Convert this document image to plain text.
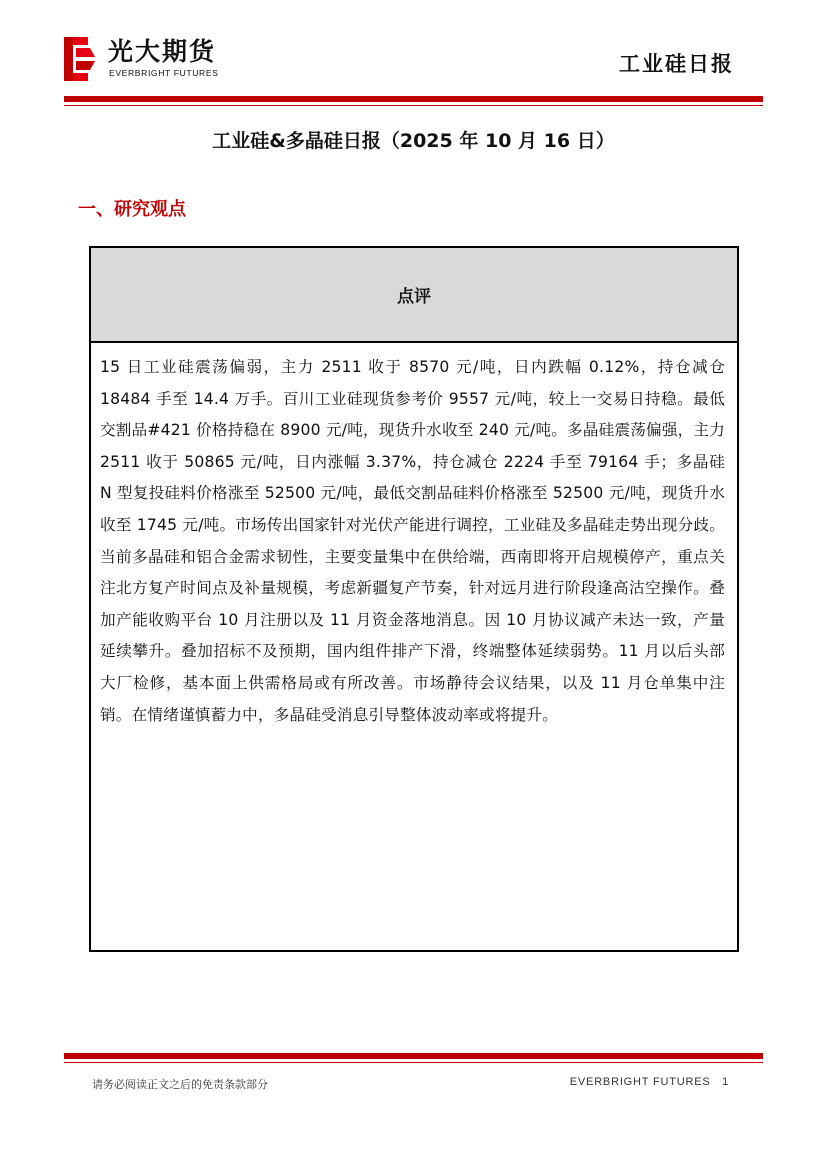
光大期货
EVERBRIGHT FUTURES	工业硅日报
工业硅&多晶硅日报（2025 年 10 月 16 日）
一、研究观点
点评
15 日工业硅震荡偏弱，主力 2511 收于 8570 元/吨，日内跌幅 0.12%，持仓减仓 18484 手至 14.4 万手。百川工业硅现货参考价 9557 元/吨，较上一交易日持稳。最低交割品#421 价格持稳在 8900 元/吨，现货升水收至 240 元/吨。多晶硅震荡偏强，主力 2511 收于 50865 元/吨，日内涨幅 3.37%，持仓减仓 2224 手至 79164 手；多晶硅 N 型复投硅料价格涨至 52500 元/吨，最低交割品硅料价格涨至 52500 元/吨，现货升水收至 1745 元/吨。市场传出国家针对光伏产能进行调控，工业硅及多晶硅走势出现分歧。当前多晶硅和铝合金需求韧性，主要变量集中在供给端，西南即将开启规模停产，重点关注北方复产时间点及补量规模，考虑新疆复产节奏，针对远月进行阶段逢高沽空操作。叠加产能收购平台 10 月注册以及 11 月资金落地消息。因 10 月协议减产未达一致，产量延续攀升。叠加招标不及预期，国内组件排产下滑，终端整体延续弱势。11 月以后头部大厂检修，基本面上供需格局或有所改善。市场静待会议结果，以及 11 月仓单集中注销。在情绪谨慎蓄力中，多晶硅受消息引导整体波动率或将提升。
请务必阅读正文之后的免责条款部分	EVERBRIGHT FUTURES 1
